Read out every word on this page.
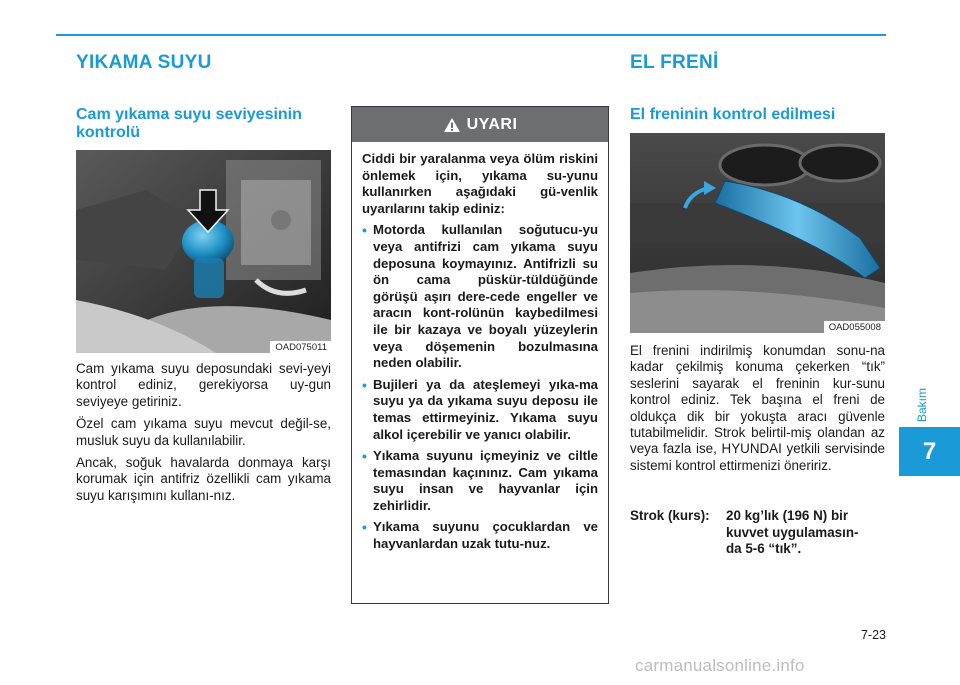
YIKAMA SUYU
Cam yıkama suyu seviyesinin
kontrolü
OAD075011

Cam yıkama suyu deposundaki sevi-yeyi kontrol ediniz, gerekiyorsa uy-gun seviyeye getiriniz.

Özel cam yıkama suyu mevcut değil-se, musluk suyu da kullanılabilir.

Ancak, soğuk havalarda donmaya karşı korumak için antifriz özellikli cam yıkama suyu karışımını kullanı-nız.

UYARI
Ciddi bir yaralanma veya ölüm riskini önlemek için, yıkama su-yunu kullanırken aşağıdaki gü-venlik uyarılarını takip ediniz:
• Motorda kullanılan soğutucu-yu veya antifrizi cam yıkama suyu deposuna koymayınız. Antifrizli su ön cama püskür-tüldüğünde görüşü aşırı dere-cede engeller ve aracın kont-rolünün kaybedilmesi ile bir kazaya ve boyalı yüzeylerin veya döşemenin bozulmasına neden olabilir.
• Bujileri ya da ateşlemeyi yıka-ma suyu ya da yıkama suyu deposu ile temas ettirmeyiniz. Yıkama suyu alkol içerebilir ve yanıcı olabilir.
• Yıkama suyunu içmeyiniz ve ciltle temasından kaçınınız. Cam yıkama suyu insan ve hayvanlar için zehirlidir.
• Yıkama suyunu çocuklardan ve hayvanlardan uzak tutu-nuz.
EL FRENİ
El freninin kontrol edilmesi
OAD055008
El frenini indirilmiş konumdan sonu-na kadar çekilmiş konuma çekerken “tık” seslerini sayarak el freninin kur-sunu kontrol ediniz. Tek başına el freni de oldukça dik bir yokuşta aracı güvenle tutabilmelidir. Strok belirtil-miş olandan az veya fazla ise, HYUNDAI yetkili servisinde sistemi kontrol ettirmenizi öneririz.
Strok (kurs):	20 kg’lık (196 N) bir
kuvvet uygulamasın-
da 5-6 “tık”.
Bakım
7
7-23
carmanualsonline.info
